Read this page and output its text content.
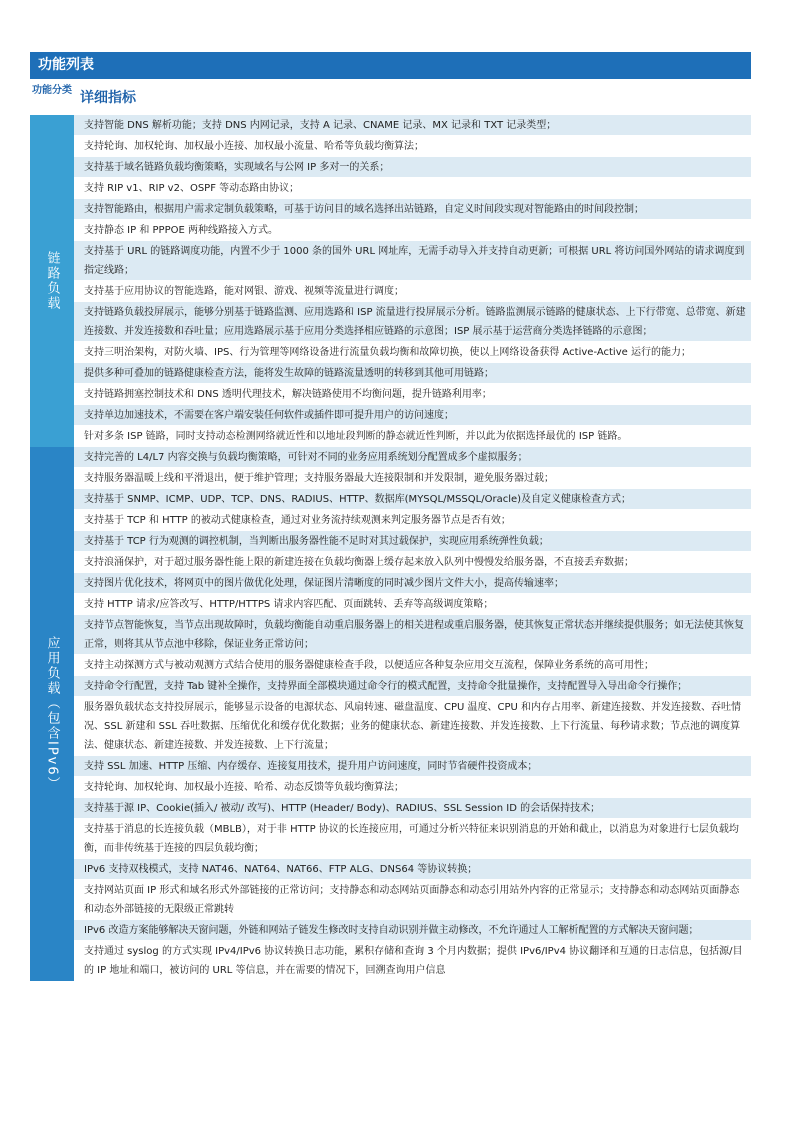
功能列表
功能分类 详细指标
链路负载
支持智能 DNS 解析功能；支持 DNS 内网记录，支持 A 记录、CNAME 记录、MX 记录和 TXT 记录类型；
支持轮询、加权轮询、加权最小连接、加权最小流量、哈希等负载均衡算法；
支持基于域名链路负载均衡策略，实现域名与公网 IP 多对一的关系；
支持 RIP v1、RIP v2、OSPF 等动态路由协议；
支持智能路由，根据用户需求定制负载策略，可基于访问目的域名选择出站链路，自定义时间段实现对智能路由的时间段控制；
支持静态 IP 和 PPPOE 两种线路接入方式。
支持基于 URL 的链路调度功能，内置不少于 1000 条的国外 URL 网址库，无需手动导入并支持自动更新；可根据 URL 将访问国外网站的请求调度到指定线路；
支持基于应用协议的智能选路，能对网银、游戏、视频等流量进行调度；
支持链路负载投屏展示，能够分别基于链路监测、应用选路和 ISP 流量进行投屏展示分析。链路监测展示链路的健康状态、上下行带宽、总带宽、新建连接数、并发连接数和吞吐量；应用选路展示基于应用分类选择相应链路的示意图；ISP 展示基于运营商分类选择链路的示意图；
支持三明治架构，对防火墙、IPS、行为管理等网络设备进行流量负载均衡和故障切换，使以上网络设备获得 Active-Active 运行的能力；
提供多种可叠加的链路健康检查方法，能将发生故障的链路流量透明的转移到其他可用链路；
支持链路拥塞控制技术和 DNS 透明代理技术，解决链路使用不均衡问题，提升链路利用率；
支持单边加速技术，不需要在客户端安装任何软件或插件即可提升用户的访问速度；
针对多条 ISP 链路，同时支持动态检测网络就近性和以地址段判断的静态就近性判断，并以此为依据选择最优的 ISP 链路。
应用负载（包含IPv6）
支持完善的 L4/L7 内容交换与负载均衡策略，可针对不同的业务应用系统划分配置成多个虚拟服务；
支持服务器温暖上线和平滑退出，便于维护管理；支持服务器最大连接限制和并发限制，避免服务器过载；
支持基于 SNMP、ICMP、UDP、TCP、DNS、RADIUS、HTTP、数据库(MYSQL/MSSQL/Oracle)及自定义健康检查方式；
支持基于 TCP 和 HTTP 的被动式健康检查，通过对业务流持续观测来判定服务器节点是否有效；
支持基于 TCP 行为观测的调控机制，当判断出服务器性能不足时对其过载保护，实现应用系统弹性负载；
支持浪涌保护，对于超过服务器性能上限的新建连接在负载均衡器上缓存起来放入队列中慢慢发给服务器，不直接丢弃数据；
支持图片优化技术，将网页中的图片做优化处理，保证图片清晰度的同时减少图片文件大小，提高传输速率；
支持 HTTP 请求/应答改写、HTTP/HTTPS 请求内容匹配、页面跳转、丢弃等高级调度策略；
支持节点智能恢复，当节点出现故障时，负载均衡能自动重启服务器上的相关进程或重启服务器，使其恢复正常状态并继续提供服务；如无法使其恢复正常，则将其从节点池中移除，保证业务正常访问；
支持主动探测方式与被动观测方式结合使用的服务器健康检查手段，以便适应各种复杂应用交互流程，保障业务系统的高可用性；
支持命令行配置，支持 Tab 键补全操作，支持界面全部模块通过命令行的模式配置，支持命令批量操作，支持配置导入导出命令行操作；
服务器负载状态支持投屏展示，能够显示设备的电源状态、风扇转速、磁盘温度、CPU 温度、CPU 和内存占用率、新建连接数、并发连接数、吞吐情况、SSL 新建和 SSL 吞吐数据、压缩优化和缓存优化数据；业务的健康状态、新建连接数、并发连接数、上下行流量、每秒请求数；节点池的调度算法、健康状态、新建连接数、并发连接数、上下行流量；
支持 SSL 加速、HTTP 压缩、内存缓存、连接复用技术，提升用户访问速度，同时节省硬件投资成本；
支持轮询、加权轮询、加权最小连接、哈希、动态反馈等负载均衡算法；
支持基于源 IP、Cookie(插入/ 被动/ 改写)、HTTP (Header/ Body)、RADIUS、SSL Session ID 的会话保持技术；
支持基于消息的长连接负载（MBLB），对于非 HTTP 协议的长连接应用，可通过分析兴特征来识别消息的开始和截止，以消息为对象进行七层负载均衡，而非传统基于连接的四层负载均衡；
IPv6 支持双栈模式，支持 NAT46、NAT64、NAT66、FTP ALG、DNS64 等协议转换；
支持网站页面 IP 形式和域名形式外部链接的正常访问；支持静态和动态网站页面静态和动态引用站外内容的正常显示；支持静态和动态网站页面静态和动态外部链接的无限级正常跳转
IPv6 改造方案能够解决天窗问题，外链和网站子链发生修改时支持自动识别并做主动修改，不允许通过人工解析配置的方式解决天窗问题；
支持通过 syslog 的方式实现 IPv4/IPv6 协议转换日志功能，累积存储和查询 3 个月内数据；提供 IPv6/IPv4 协议翻译和互通的日志信息，包括源/目的 IP 地址和端口，被访问的 URL 等信息，并在需要的情况下，回溯查询用户信息
